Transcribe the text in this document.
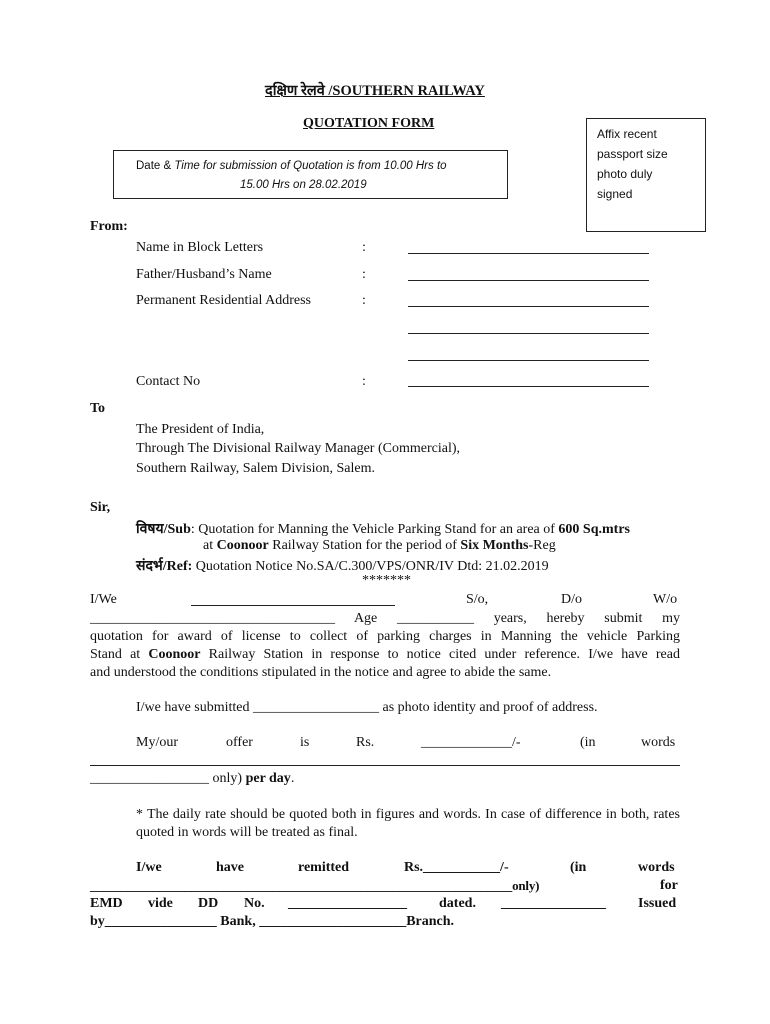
दक्षिण रेलवे /SOUTHERN RAILWAY
QUOTATION FORM
Date & Time for submission of Quotation is from 10.00 Hrs to
15.00 Hrs on 28.02.2019
Affix recent
passport size
photo duly
signed
From:
Name in Block Letters	:
Father/Husband’s Name	:
Permanent Residential Address	:
Contact No	:
To
The President of India,
Through The Divisional Railway Manager (Commercial),
Southern Railway, Salem Division, Salem.
Sir,
विषय/Sub: Quotation for Manning the Vehicle Parking Stand for an area of 600 Sq.mtrs
at Coonoor Railway Station for the period of Six Months-Reg
संदर्भ/Ref: Quotation Notice No.SA/C.300/VPS/ONR/IV Dtd: 21.02.2019
*******
I/We	S/o,	D/o	W/o
___________________________________ Age ___________ years, hereby submit my
quotation for award of license to collect of parking charges in Manning the vehicle Parking
Stand at Coonoor Railway Station in response to notice cited under reference. I/we have read
and understood the conditions stipulated in the notice and agree to abide the same.
I/we have submitted __________________ as photo identity and proof of address.
My/our	offer	is	Rs.	_____________/-	(in	words
_________________ only) per day.
* The daily rate should be quoted both in figures and words. In case of difference in both, rates quoted in words will be treated as final.
I/we	have	remitted	Rs.___________/-	(in	words
___________________________________________________________________only)	for
EMD vide DD No. _________________ dated. _______________ Issued
by________________ Bank, _____________________Branch.
